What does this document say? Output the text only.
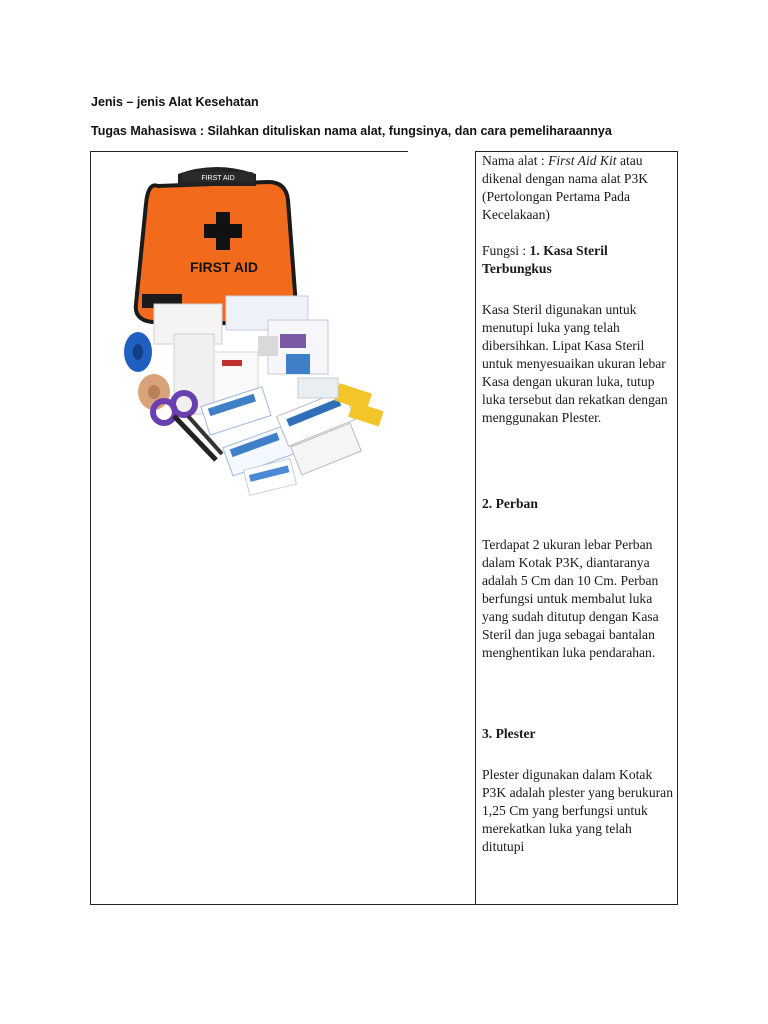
Jenis – jenis Alat Kesehatan
Tugas Mahasiswa : Silahkan dituliskan nama alat, fungsinya, dan cara pemeliharaannya
FIRST AID
FIRST AID

Nama alat : First Aid Kit atau dikenal dengan nama alat P3K (Pertolongan Pertama Pada Kecelakaan)

Fungsi : 1. Kasa Steril Terbungkus

Kasa Steril digunakan untuk menutupi luka yang telah dibersihkan. Lipat Kasa Steril untuk menyesuaikan ukuran lebar Kasa dengan ukuran luka, tutup luka tersebut dan rekatkan dengan menggunakan Plester.

2. Perban

Terdapat 2 ukuran lebar Perban dalam Kotak P3K, diantaranya adalah 5 Cm dan 10 Cm. Perban berfungsi untuk membalut luka yang sudah ditutup dengan Kasa Steril dan juga sebagai bantalan menghentikan luka pendarahan.

3. Plester

Plester digunakan dalam Kotak P3K adalah plester yang berukuran 1,25 Cm yang berfungsi untuk merekatkan luka yang telah ditutupi
